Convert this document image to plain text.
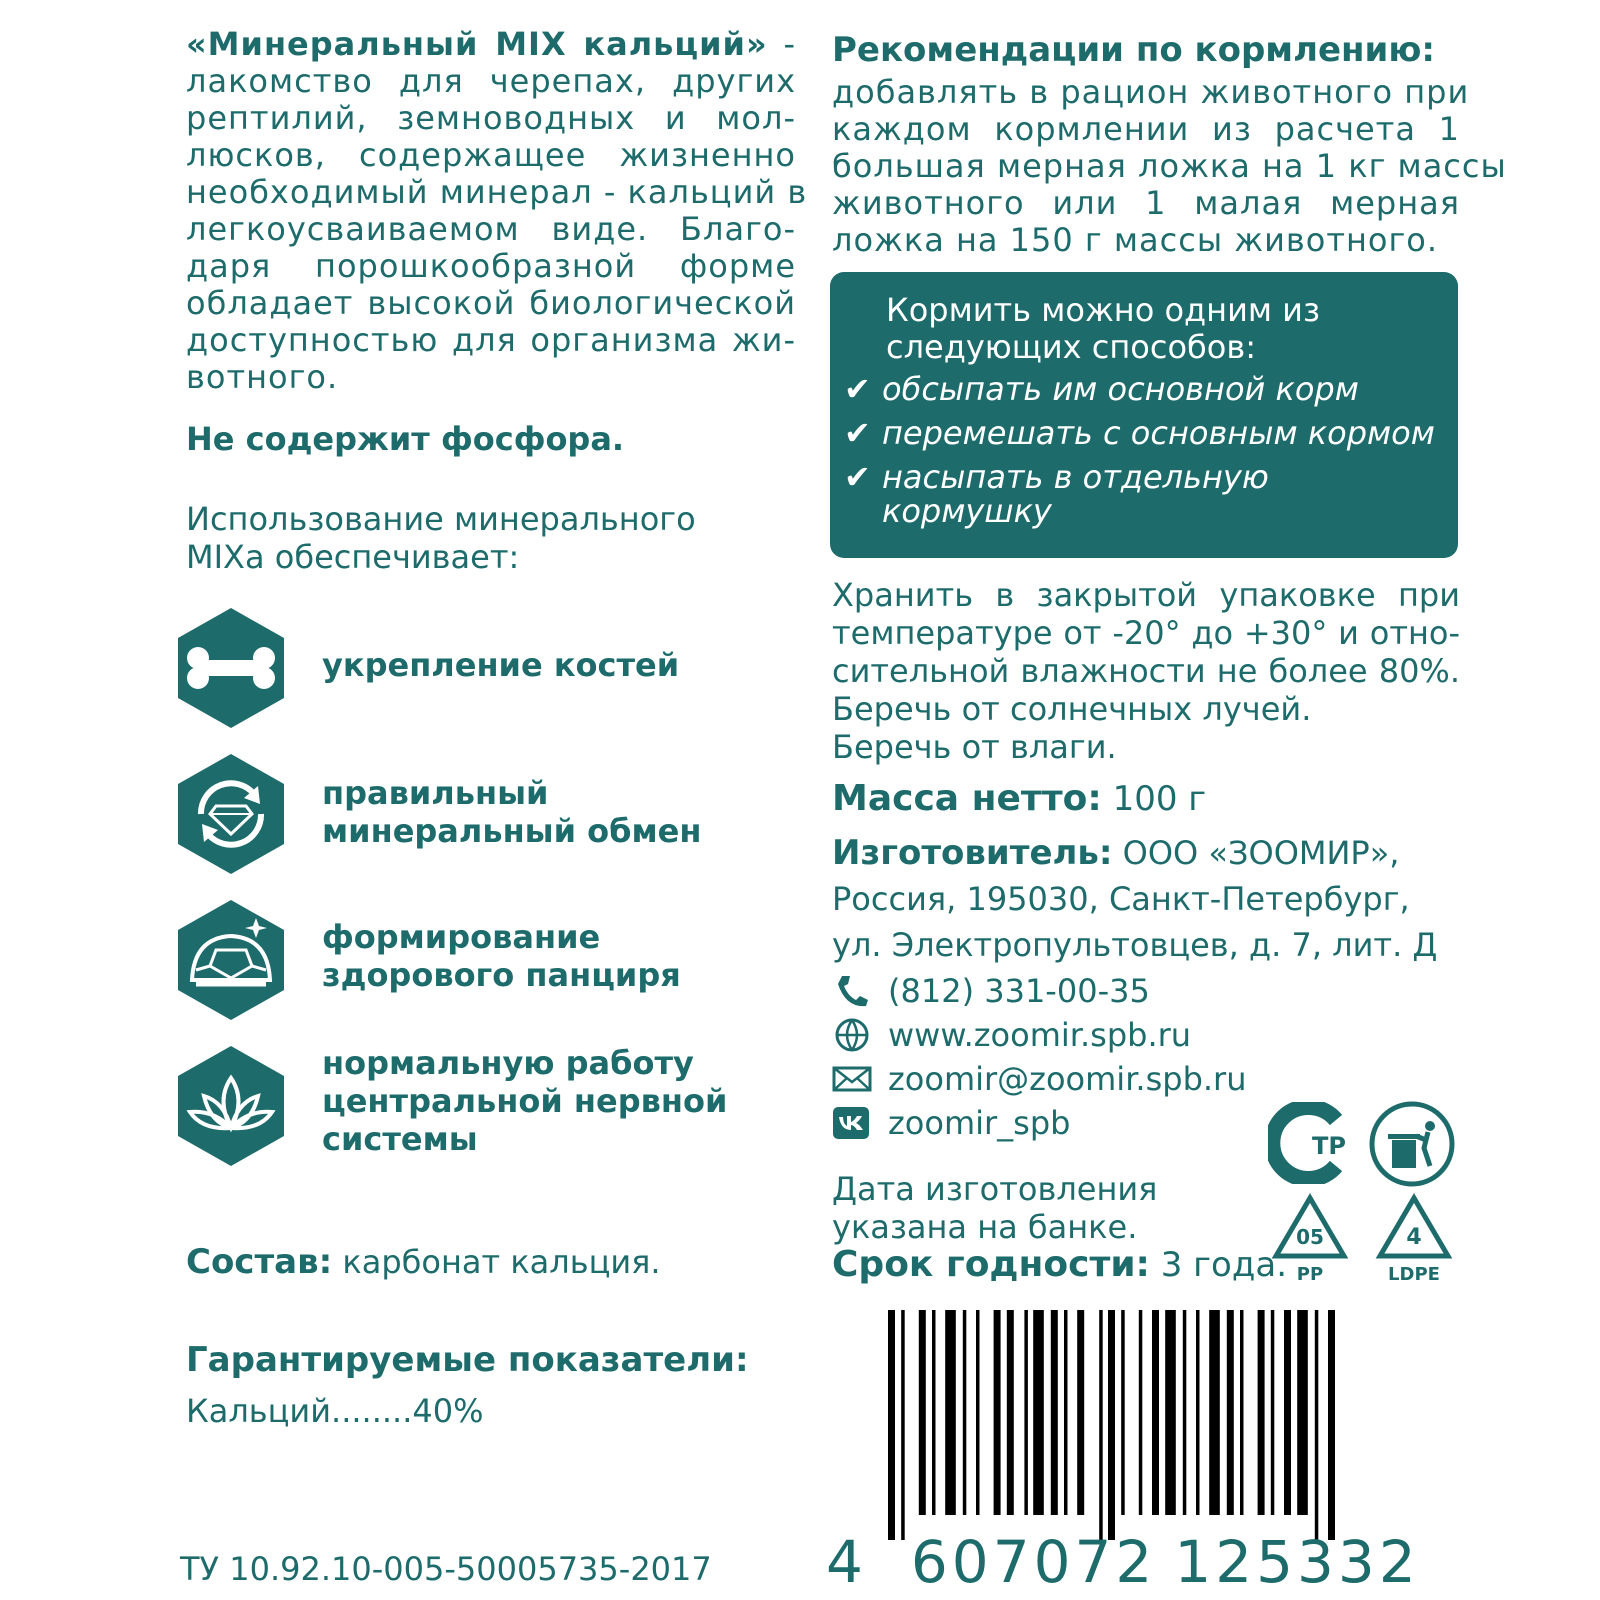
«Минеральный MIX кальций» -
лакомство для черепах, других
рептилий, земноводных и мол-
люсков, содержащее жизненно
необходимый минерал - кальций в
легкоусваиваемом виде. Благо-
даря порошкообразной форме
обладает высокой биологической
доступностью для организма жи-
вотного.
Не содержит фосфора.
Использование минерального
MIXа обеспечивает:
укрепление костей
правильный
минеральный обмен
формирование
здорового панциря
нормальную работу
центральной нервной
системы
Состав: карбонат кальция.
Гарантируемые показатели:
Кальций........40%
ТУ 10.92.10-005-50005735-2017
Рекомендации по кормлению:
добавлять в рацион животного при
каждом кормлении из расчета 1
большая мерная ложка на 1 кг массы
животного или 1 малая мерная
ложка на 150 г массы животного.
Кормить можно одним из
следующих способов:
✔ обсыпать им основной корм
✔ перемешать с основным кормом
✔ насыпать в отдельную
кормушку
Хранить в закрытой упаковке при
температуре от -20° до +30° и отно-
сительной влажности не более 80%.
Беречь от солнечных лучей.
Беречь от влаги.
Масса нетто: 100 г
Изготовитель: ООО «ЗООМИР»,
Россия, 195030, Санкт-Петербург,
ул. Электропультовцев, д. 7, лит. Д
(812) 331-00-35
www.zoomir.spb.ru
zoomir@zoomir.spb.ru
zoomir_spb
ТР
05
PP
4
LDPE
Дата изготовления
указана на банке.
Срок годности: 3 года.
4 607072 125332
